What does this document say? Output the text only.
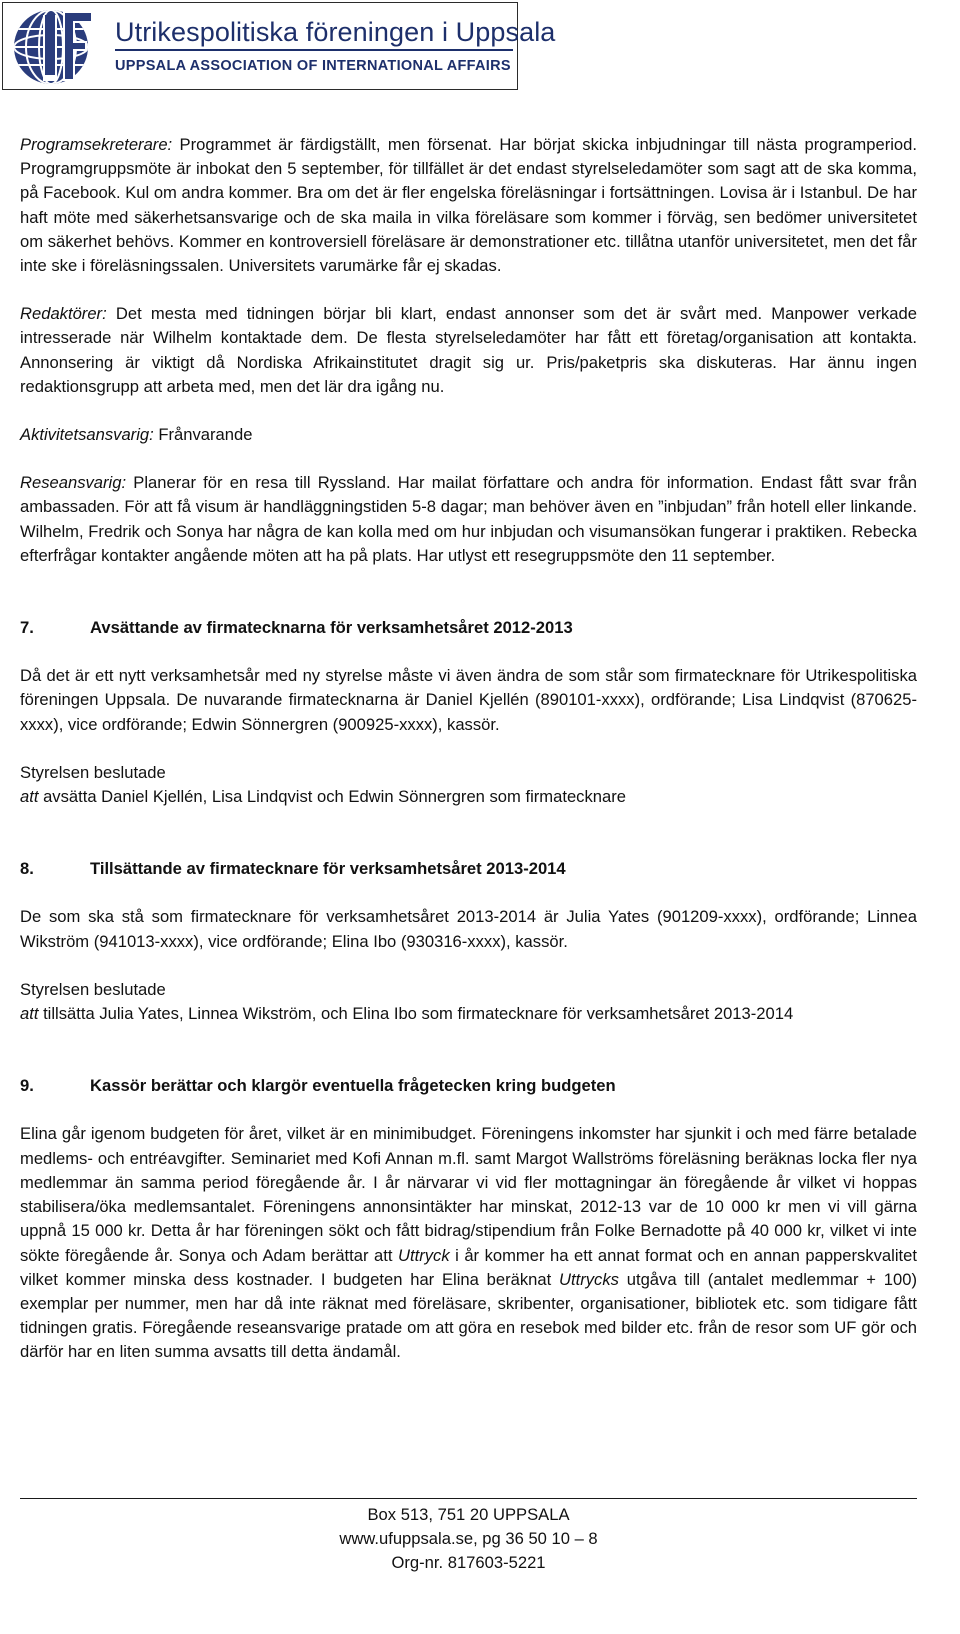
Utrikespolitiska föreningen i Uppsala
UPPSALA ASSOCIATION OF INTERNATIONAL AFFAIRS

Programsekreterare: Programmet är färdigställt, men försenat. Har börjat skicka inbjudningar till nästa programperiod. Programgruppsmöte är inbokat den 5 september, för tillfället är det endast styrelseledamöter som sagt att de ska komma, på Facebook. Kul om andra kommer. Bra om det är fler engelska föreläsningar i fortsättningen. Lovisa är i Istanbul. De har haft möte med säkerhetsansvarige och de ska maila in vilka föreläsare som kommer i förväg, sen bedömer universitetet om säkerhet behövs. Kommer en kontroversiell föreläsare är demonstrationer etc. tillåtna utanför universitetet, men det får inte ske i föreläsningssalen. Universitets varumärke får ej skadas.

Redaktörer: Det mesta med tidningen börjar bli klart, endast annonser som det är svårt med. Manpower verkade intresserade när Wilhelm kontaktade dem. De flesta styrelseledamöter har fått ett företag/organisation att kontakta. Annonsering är viktigt då Nordiska Afrikainstitutet dragit sig ur. Pris/paketpris ska diskuteras. Har ännu ingen redaktionsgrupp att arbeta med, men det lär dra igång nu.

Aktivitetsansvarig: Frånvarande

Reseansvarig: Planerar för en resa till Ryssland. Har mailat författare och andra för information. Endast fått svar från ambassaden. För att få visum är handläggningstiden 5-8 dagar; man behöver även en ”inbjudan” från hotell eller linkande. Wilhelm, Fredrik och Sonya har några de kan kolla med om hur inbjudan och visumansökan fungerar i praktiken. Rebecka efterfrågar kontakter angående möten att ha på plats. Har utlyst ett resegruppsmöte den 11 september.

7.	Avsättande av firmatecknarna för verksamhetsåret 2012-2013

Då det är ett nytt verksamhetsår med ny styrelse måste vi även ändra de som står som firmatecknare för Utrikespolitiska föreningen Uppsala. De nuvarande firmatecknarna är Daniel Kjellén (890101-xxxx), ordförande; Lisa Lindqvist (870625-xxxx), vice ordförande; Edwin Sönnergren (900925-xxxx), kassör.

Styrelsen beslutade

att avsätta Daniel Kjellén, Lisa Lindqvist och Edwin Sönnergren som firmatecknare

8.	Tillsättande av firmatecknare för verksamhetsåret 2013-2014

De som ska stå som firmatecknare för verksamhetsåret 2013-2014 är Julia Yates (901209-xxxx), ordförande; Linnea Wikström (941013-xxxx), vice ordförande; Elina Ibo (930316-xxxx), kassör.

Styrelsen beslutade

att tillsätta Julia Yates, Linnea Wikström, och Elina Ibo som firmatecknare för verksamhetsåret 2013-2014

9.	Kassör berättar och klargör eventuella frågetecken kring budgeten

Elina går igenom budgeten för året, vilket är en minimibudget. Föreningens inkomster har sjunkit i och med färre betalade medlems- och entréavgifter. Seminariet med Kofi Annan m.fl. samt Margot Wallströms föreläsning beräknas locka fler nya medlemmar än samma period föregående år. I år närvarar vi vid fler mottagningar än föregående år vilket vi hoppas stabilisera/öka medlemsantalet. Föreningens annonsintäkter har minskat, 2012-13 var de 10 000 kr men vi vill gärna uppnå 15 000 kr. Detta år har föreningen sökt och fått bidrag/stipendium från Folke Bernadotte på 40 000 kr, vilket vi inte sökte föregående år. Sonya och Adam berättar att Uttryck i år kommer ha ett annat format och en annan papperskvalitet vilket kommer minska dess kostnader. I budgeten har Elina beräknat Uttrycks utgåva till (antalet medlemmar + 100) exemplar per nummer, men har då inte räknat med föreläsare, skribenter, organisationer, bibliotek etc. som tidigare fått tidningen gratis. Föregående reseansvarige pratade om att göra en resebok med bilder etc. från de resor som UF gör och därför har en liten summa avsatts till detta ändamål.

Box 513, 751 20 UPPSALA
www.ufuppsala.se, pg 36 50 10 – 8
Org-nr. 817603-5221
